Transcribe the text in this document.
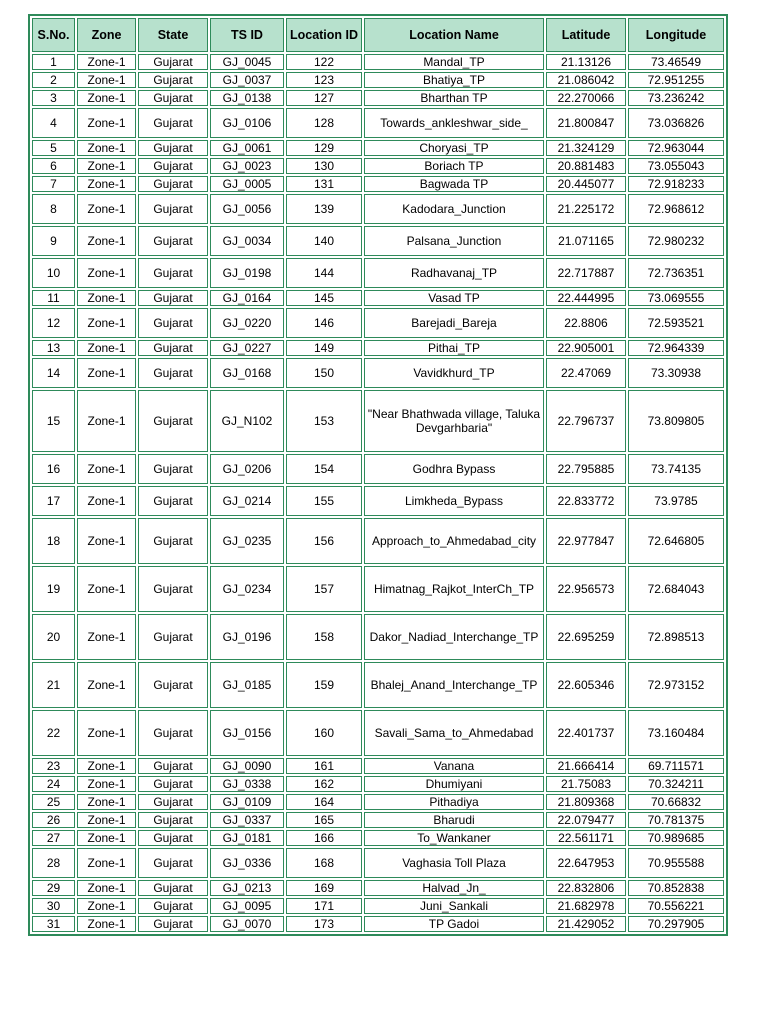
S.No.	Zone	State	TS ID	Location ID	Location Name	Latitude	Longitude
1	Zone-1	Gujarat	GJ_0045	122	Mandal_TP	21.13126	73.46549
2	Zone-1	Gujarat	GJ_0037	123	Bhatiya_TP	21.086042	72.951255
3	Zone-1	Gujarat	GJ_0138	127	Bharthan TP	22.270066	73.236242
4	Zone-1	Gujarat	GJ_0106	128	Towards_ankleshwar_side_	21.800847	73.036826
5	Zone-1	Gujarat	GJ_0061	129	Choryasi_TP	21.324129	72.963044
6	Zone-1	Gujarat	GJ_0023	130	Boriach TP	20.881483	73.055043
7	Zone-1	Gujarat	GJ_0005	131	Bagwada TP	20.445077	72.918233
8	Zone-1	Gujarat	GJ_0056	139	Kadodara_Junction	21.225172	72.968612
9	Zone-1	Gujarat	GJ_0034	140	Palsana_Junction	21.071165	72.980232
10	Zone-1	Gujarat	GJ_0198	144	Radhavanaj_TP	22.717887	72.736351
11	Zone-1	Gujarat	GJ_0164	145	Vasad TP	22.444995	73.069555
12	Zone-1	Gujarat	GJ_0220	146	Barejadi_Bareja	22.8806	72.593521
13	Zone-1	Gujarat	GJ_0227	149	Pithai_TP	22.905001	72.964339
14	Zone-1	Gujarat	GJ_0168	150	Vavidkhurd_TP	22.47069	73.30938
15	Zone-1	Gujarat	GJ_N102	153	"Near Bhathwada village, Taluka Devgarhbaria"	22.796737	73.809805
16	Zone-1	Gujarat	GJ_0206	154	Godhra Bypass	22.795885	73.74135
17	Zone-1	Gujarat	GJ_0214	155	Limkheda_Bypass	22.833772	73.9785
18	Zone-1	Gujarat	GJ_0235	156	Approach_to_Ahmedabad_city	22.977847	72.646805
19	Zone-1	Gujarat	GJ_0234	157	Himatnag_Rajkot_InterCh_TP	22.956573	72.684043
20	Zone-1	Gujarat	GJ_0196	158	Dakor_Nadiad_Interchange_TP	22.695259	72.898513
21	Zone-1	Gujarat	GJ_0185	159	Bhalej_Anand_Interchange_TP	22.605346	72.973152
22	Zone-1	Gujarat	GJ_0156	160	Savali_Sama_to_Ahmedabad	22.401737	73.160484
23	Zone-1	Gujarat	GJ_0090	161	Vanana	21.666414	69.711571
24	Zone-1	Gujarat	GJ_0338	162	Dhumiyani	21.75083	70.324211
25	Zone-1	Gujarat	GJ_0109	164	Pithadiya	21.809368	70.66832
26	Zone-1	Gujarat	GJ_0337	165	Bharudi	22.079477	70.781375
27	Zone-1	Gujarat	GJ_0181	166	To_Wankaner	22.561171	70.989685
28	Zone-1	Gujarat	GJ_0336	168	Vaghasia Toll Plaza	22.647953	70.955588
29	Zone-1	Gujarat	GJ_0213	169	Halvad_Jn_	22.832806	70.852838
30	Zone-1	Gujarat	GJ_0095	171	Juni_Sankali	21.682978	70.556221
31	Zone-1	Gujarat	GJ_0070	173	TP Gadoi	21.429052	70.297905
